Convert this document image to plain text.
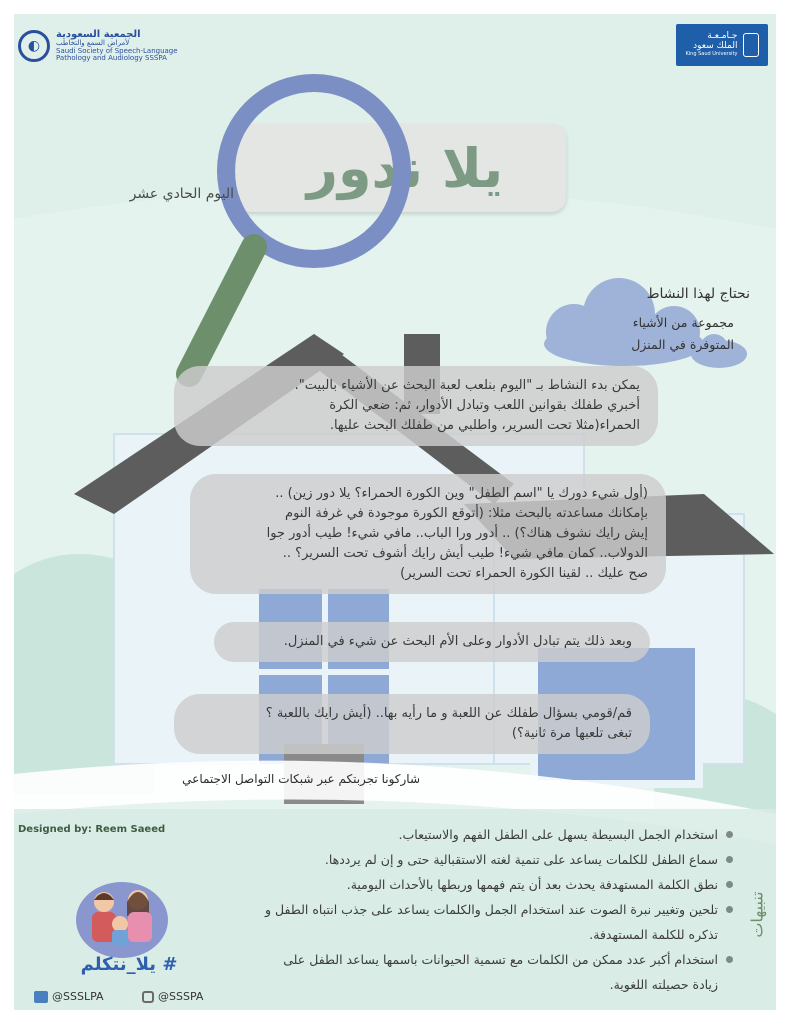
يلا ندور
اليوم الحادي عشر
نحتاج لهذا النشاط
مجموعة من الأشياء
المتوفرة في المنزل
يمكن بدء النشاط بـ "اليوم بنلعب لعبة البحث عن الأشياء بالبيت".
أخبري طفلك بقوانين اللعب وتبادل الأدوار، ثم: ضعي الكرة
الحمراء(مثلا تحت السرير، واطلبي من طفلك البحث عليها.
(أول شيء دورك يا "اسم الطفل" وين الكورة الحمراء؟ يلا دور زين) ..
بإمكانك مساعدته بالبحث مثلا: (أتوقع الكورة موجودة في غرفة النوم
إيش رايك نشوف هناك؟) .. أدور ورا الباب.. مافي شيء! طيب أدور جوا
الدولاب.. كمان مافي شيء! طيب أيش رايك أشوف تحت السرير؟ ..
صح عليك .. لقينا الكورة الحمراء تحت السرير)
وبعد ذلك يتم تبادل الأدوار وعلى الأم البحث عن شيء في المنزل.
قم/قومي بسؤال طفلك عن اللعبة و ما رأيه بها.. (أيش رايك باللعبة ؟
تبغى تلعبها مرة ثانية؟)
شاركونا تجربتكم عبر شبكات التواصل الاجتماعي
Designed by: Reem Saeed
تنبيهات
استخدام الجمل البسيطة يسهل على الطفل الفهم والاستيعاب.
سماع الطفل للكلمات يساعد على تنمية لغته الاستقبالية حتى و إن لم يرددها.
نطق الكلمة المستهدفة يحدث بعد أن يتم فهمها وربطها بالأحداث اليومية.
تلحين وتغيير نبرة الصوت عند استخدام الجمل والكلمات يساعد على جذب انتباه الطفل و تذكره للكلمة المستهدفة.
استخدام أكبر عدد ممكن من الكلمات مع تسمية الحيوانات باسمها يساعد الطفل على زيادة حصيلته اللغوية.
# يلا_نتكلم
@SSSLPA	@SSSPA
◐
الجمعية السعودية
لأمراض السمع والتخاطب
Saudi Society of Speech-Language
Pathology and Audiology SSSPA
جـامـعـة
الملك سعود
King Saud University
